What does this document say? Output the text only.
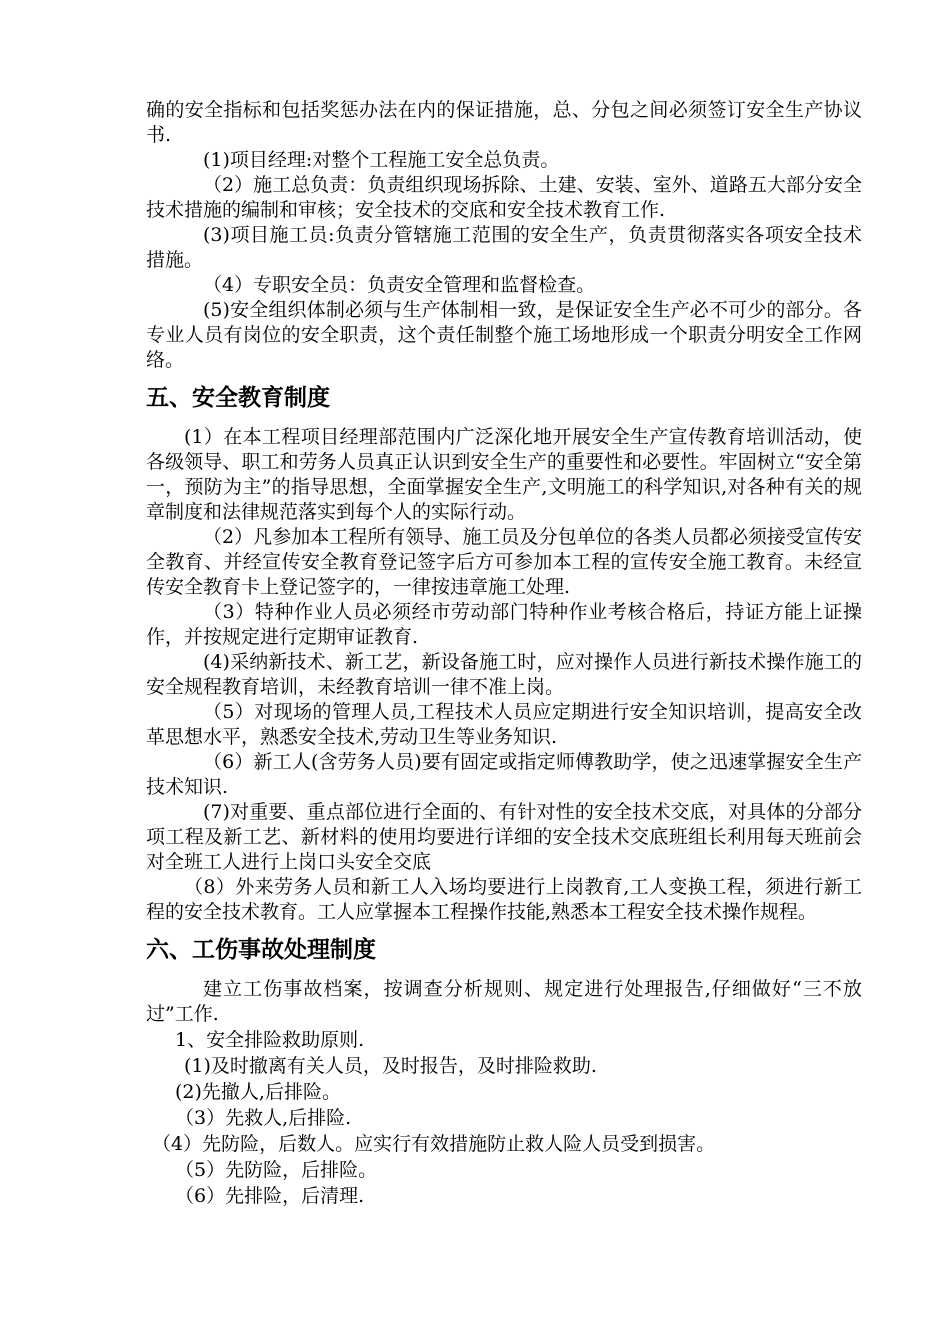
确的安全指标和包括奖惩办法在内的保证措施，总、分包之间必须签订安全生产协议书.

(1)项目经理:对整个工程施工安全总负责。

（2）施工总负责：负责组织现场拆除、土建、安装、室外、道路五大部分安全技术措施的编制和审核；安全技术的交底和安全技术教育工作.

(3)项目施工员:负责分管辖施工范围的安全生产，负责贯彻落实各项安全技术措施。

（4）专职安全员：负责安全管理和监督检查。

(5)安全组织体制必须与生产体制相一致，是保证安全生产必不可少的部分。各专业人员有岗位的安全职责，这个责任制整个施工场地形成一个职责分明安全工作网络。

五、安全教育制度

(1）在本工程项目经理部范围内广泛深化地开展安全生产宣传教育培训活动，使各级领导、职工和劳务人员真正认识到安全生产的重要性和必要性。牢固树立“安全第一，预防为主”的指导思想，全面掌握安全生产,文明施工的科学知识,对各种有关的规章制度和法律规范落实到每个人的实际行动。

（2）凡参加本工程所有领导、施工员及分包单位的各类人员都必须接受宣传安全教育、并经宣传安全教育登记签字后方可参加本工程的宣传安全施工教育。未经宣传安全教育卡上登记签字的，一律按违章施工处理.

（3）特种作业人员必须经市劳动部门特种作业考核合格后，持证方能上证操作，并按规定进行定期审证教育.

(4)采纳新技术、新工艺，新设备施工时，应对操作人员进行新技术操作施工的安全规程教育培训，未经教育培训一律不准上岗。

（5）对现场的管理人员,工程技术人员应定期进行安全知识培训，提高安全改革思想水平，熟悉安全技术,劳动卫生等业务知识.

（6）新工人(含劳务人员)要有固定或指定师傅教助学，使之迅速掌握安全生产技术知识.

(7)对重要、重点部位进行全面的、有针对性的安全技术交底，对具体的分部分项工程及新工艺、新材料的使用均要进行详细的安全技术交底班组长利用每天班前会对全班工人进行上岗口头安全交底

（8）外来劳务人员和新工人入场均要进行上岗教育,工人变换工程，须进行新工程的安全技术教育。工人应掌握本工程操作技能,熟悉本工程安全技术操作规程。

六、工伤事故处理制度

建立工伤事故档案，按调查分析规则、规定进行处理报告,仔细做好“三不放过”工作.

1、安全排险救助原则.

(1)及时撤离有关人员，及时报告，及时排险救助.

(2)先撤人,后排险。

（3）先救人,后排险.

（4）先防险，后数人。应实行有效措施防止救人险人员受到损害。

（5）先防险，后排险。

（6）先排险，后清理.
